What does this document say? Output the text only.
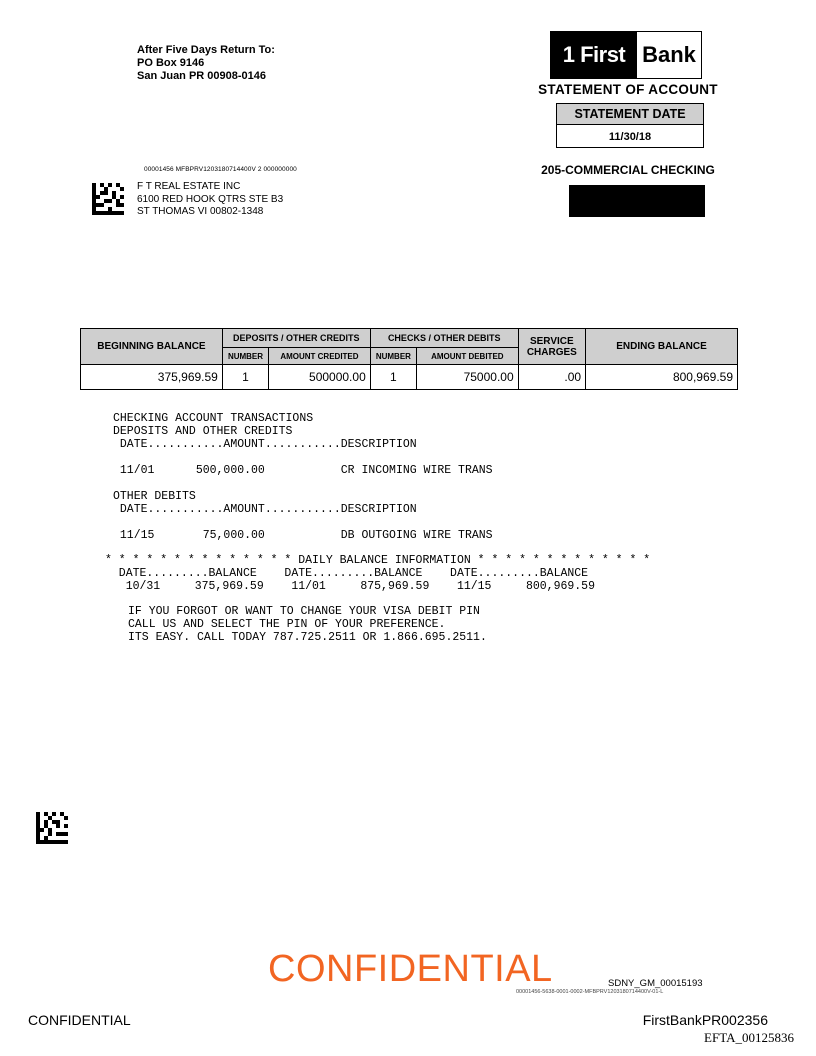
After Five Days Return To:
PO Box 9146
San Juan PR 00908-0146
1 First Bank
STATEMENT OF ACCOUNT
STATEMENT DATE
11/30/18
205-COMMERCIAL CHECKING
00001456 MFBPRV1203180714400V 2 000000000
F T REAL ESTATE INC
6100 RED HOOK QTRS STE B3
ST THOMAS VI 00802-1348
BEGINNING BALANCE	DEPOSITS / OTHER CREDITS		CHECKS / OTHER DEBITS		SERVICE CHARGES	ENDING BALANCE
	NUMBER	AMOUNT CREDITED	NUMBER	AMOUNT DEBITED		
375,969.59	1	500000.00	1	75000.00	.00	800,969.59
CHECKING ACCOUNT TRANSACTIONS
DEPOSITS AND OTHER CREDITS
DATE...........AMOUNT...........DESCRIPTION
11/01      500,000.00           CR INCOMING WIRE TRANS
OTHER DEBITS
DATE...........AMOUNT...........DESCRIPTION
11/15       75,000.00           DB OUTGOING WIRE TRANS
* * * * * * * * * * * * * * DAILY BALANCE INFORMATION * * * * * * * * * * * * *
DATE.........BALANCE    DATE.........BALANCE    DATE.........BALANCE
10/31     375,969.59    11/01     875,969.59    11/15     800,969.59
IF YOU FORGOT OR WANT TO CHANGE YOUR VISA DEBIT PIN
CALL US AND SELECT THE PIN OF YOUR PREFERENCE.
ITS EASY. CALL TODAY 787.725.2511 OR 1.866.695.2511.
CONFIDENTIAL	SDNY_GM_00015193
00001456-5638-0001-0002-MFBPRV1203180714400V-01-L
CONFIDENTIAL	FirstBankPR002356
EFTA_00125836
